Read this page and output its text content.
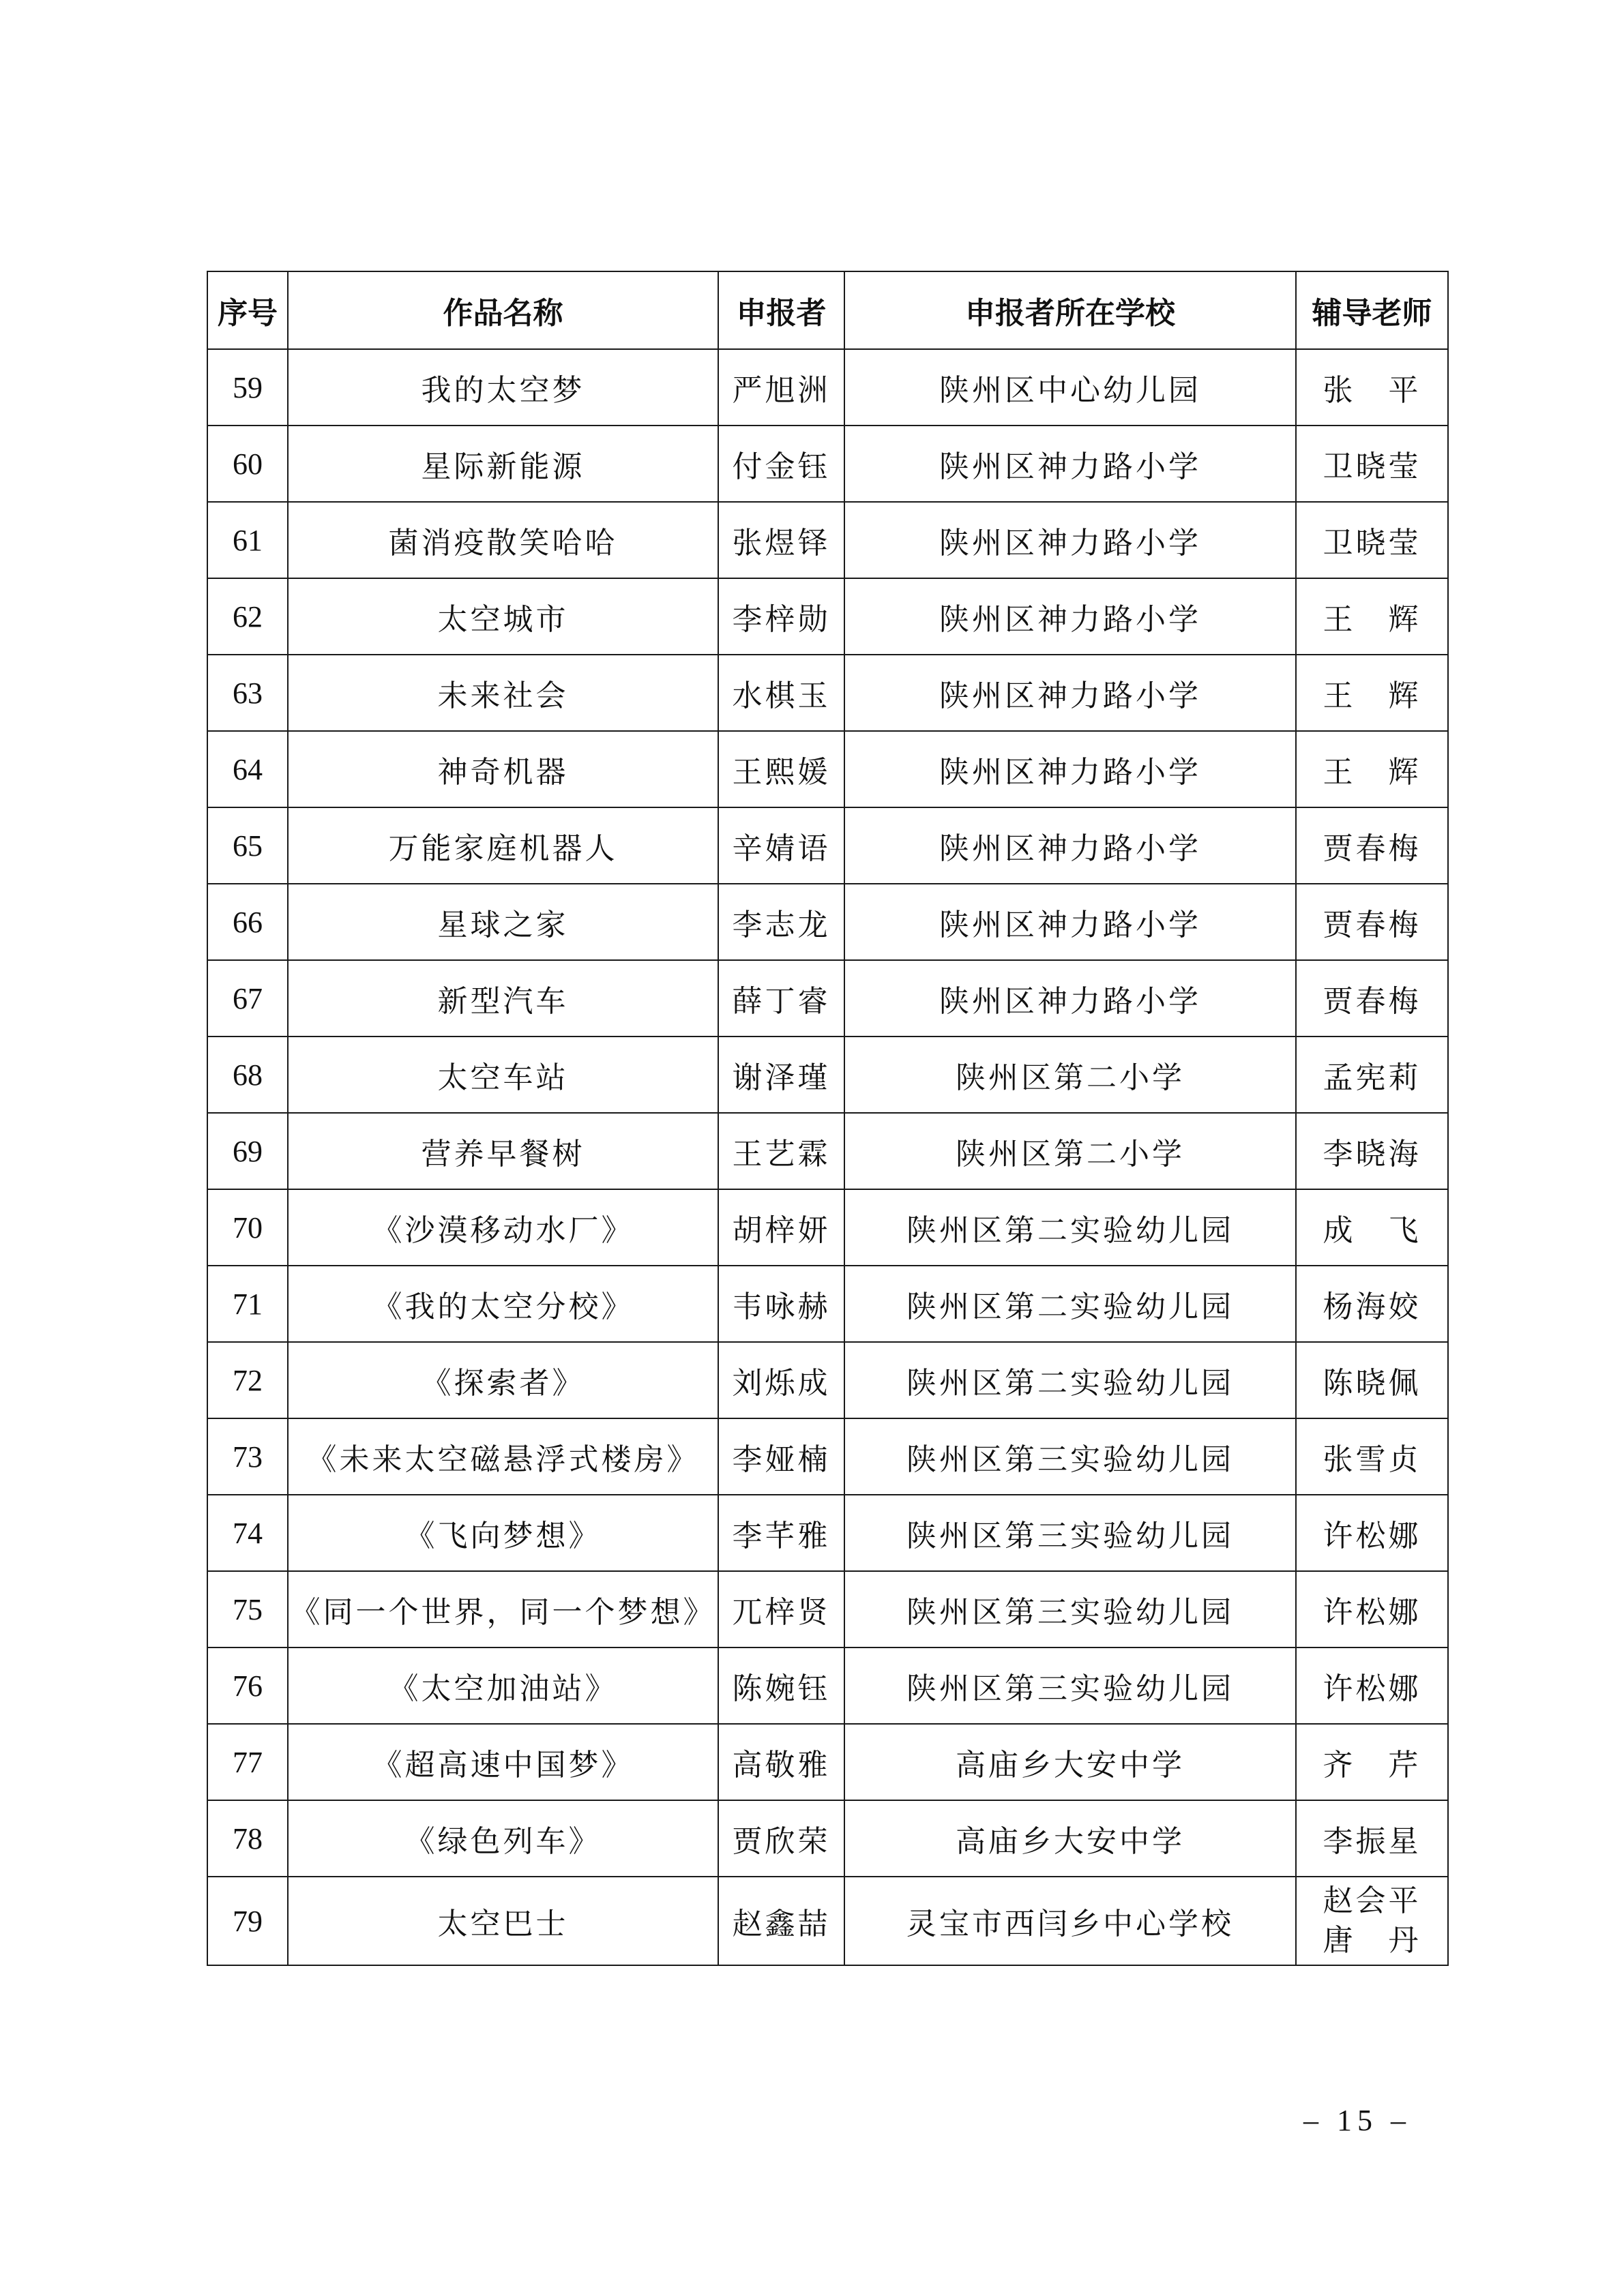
序号	作品名称	申报者	申报者所在学校	辅导老师
59	我的太空梦	严旭洲	陕州区中心幼儿园	张　平
60	星际新能源	付金钰	陕州区神力路小学	卫晓莹
61	菌消疫散笑哈哈	张煜铎	陕州区神力路小学	卫晓莹
62	太空城市	李梓勋	陕州区神力路小学	王　辉
63	未来社会	水棋玉	陕州区神力路小学	王　辉
64	神奇机器	王熙媛	陕州区神力路小学	王　辉
65	万能家庭机器人	辛婧语	陕州区神力路小学	贾春梅
66	星球之家	李志龙	陕州区神力路小学	贾春梅
67	新型汽车	薛丁睿	陕州区神力路小学	贾春梅
68	太空车站	谢泽瑾	陕州区第二小学	孟宪莉
69	营养早餐树	王艺霖	陕州区第二小学	李晓海
70	《沙漠移动水厂》	胡梓妍	陕州区第二实验幼儿园	成　飞
71	《我的太空分校》	韦咏赫	陕州区第二实验幼儿园	杨海姣
72	《探索者》	刘烁成	陕州区第二实验幼儿园	陈晓佩
73	《未来太空磁悬浮式楼房》	李娅楠	陕州区第三实验幼儿园	张雪贞
74	《飞向梦想》	李芊雅	陕州区第三实验幼儿园	许松娜
75	《同一个世界，同一个梦想》	兀梓贤	陕州区第三实验幼儿园	许松娜
76	《太空加油站》	陈婉钰	陕州区第三实验幼儿园	许松娜
77	《超高速中国梦》	高敬雅	高庙乡大安中学	齐　芹
78	《绿色列车》	贾欣荣	高庙乡大安中学	李振星
79	太空巴士	赵鑫喆	灵宝市西闫乡中心学校	赵会平
唐　丹
– 15 –
